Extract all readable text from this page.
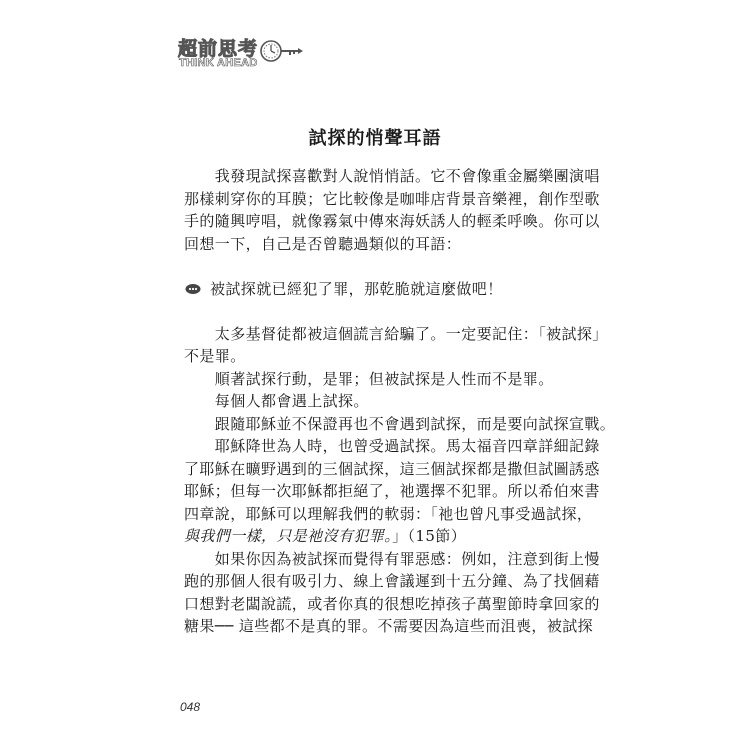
超前思考
THINK AHEAD
試探的悄聲耳語
　　我發現試探喜歡對人說悄悄話。它不會像重金屬樂團演唱
那樣刺穿你的耳膜；它比較像是咖啡店背景音樂裡，創作型歌
手的隨興哼唱，就像霧氣中傳來海妖誘人的輕柔呼喚。你可以
回想一下，自己是否曾聽過類似的耳語：
被試探就已經犯了罪，那乾脆就這麼做吧！
　　太多基督徒都被這個謊言給騙了。一定要記住：「被試探」
不是罪。
　　順著試探行動，是罪；但被試探是人性而不是罪。
　　每個人都會遇上試探。
　　跟隨耶穌並不保證再也不會遇到試探，而是要向試探宣戰。
　　耶穌降世為人時，也曾受過試探。馬太福音四章詳細記錄
了耶穌在曠野遇到的三個試探，這三個試探都是撒但試圖誘惑
耶穌；但每一次耶穌都拒絕了，祂選擇不犯罪。所以希伯來書
四章說，耶穌可以理解我們的軟弱：「祂也曾凡事受過試探，
與我們一樣，只是祂沒有犯罪。」（15節）
　　如果你因為被試探而覺得有罪惡感：例如，注意到街上慢
跑的那個人很有吸引力、線上會議遲到十五分鐘、為了找個藉
口想對老闆說謊，或者你真的很想吃掉孩子萬聖節時拿回家的
糖果── 這些都不是真的罪。不需要因為這些而沮喪，被試探
048
